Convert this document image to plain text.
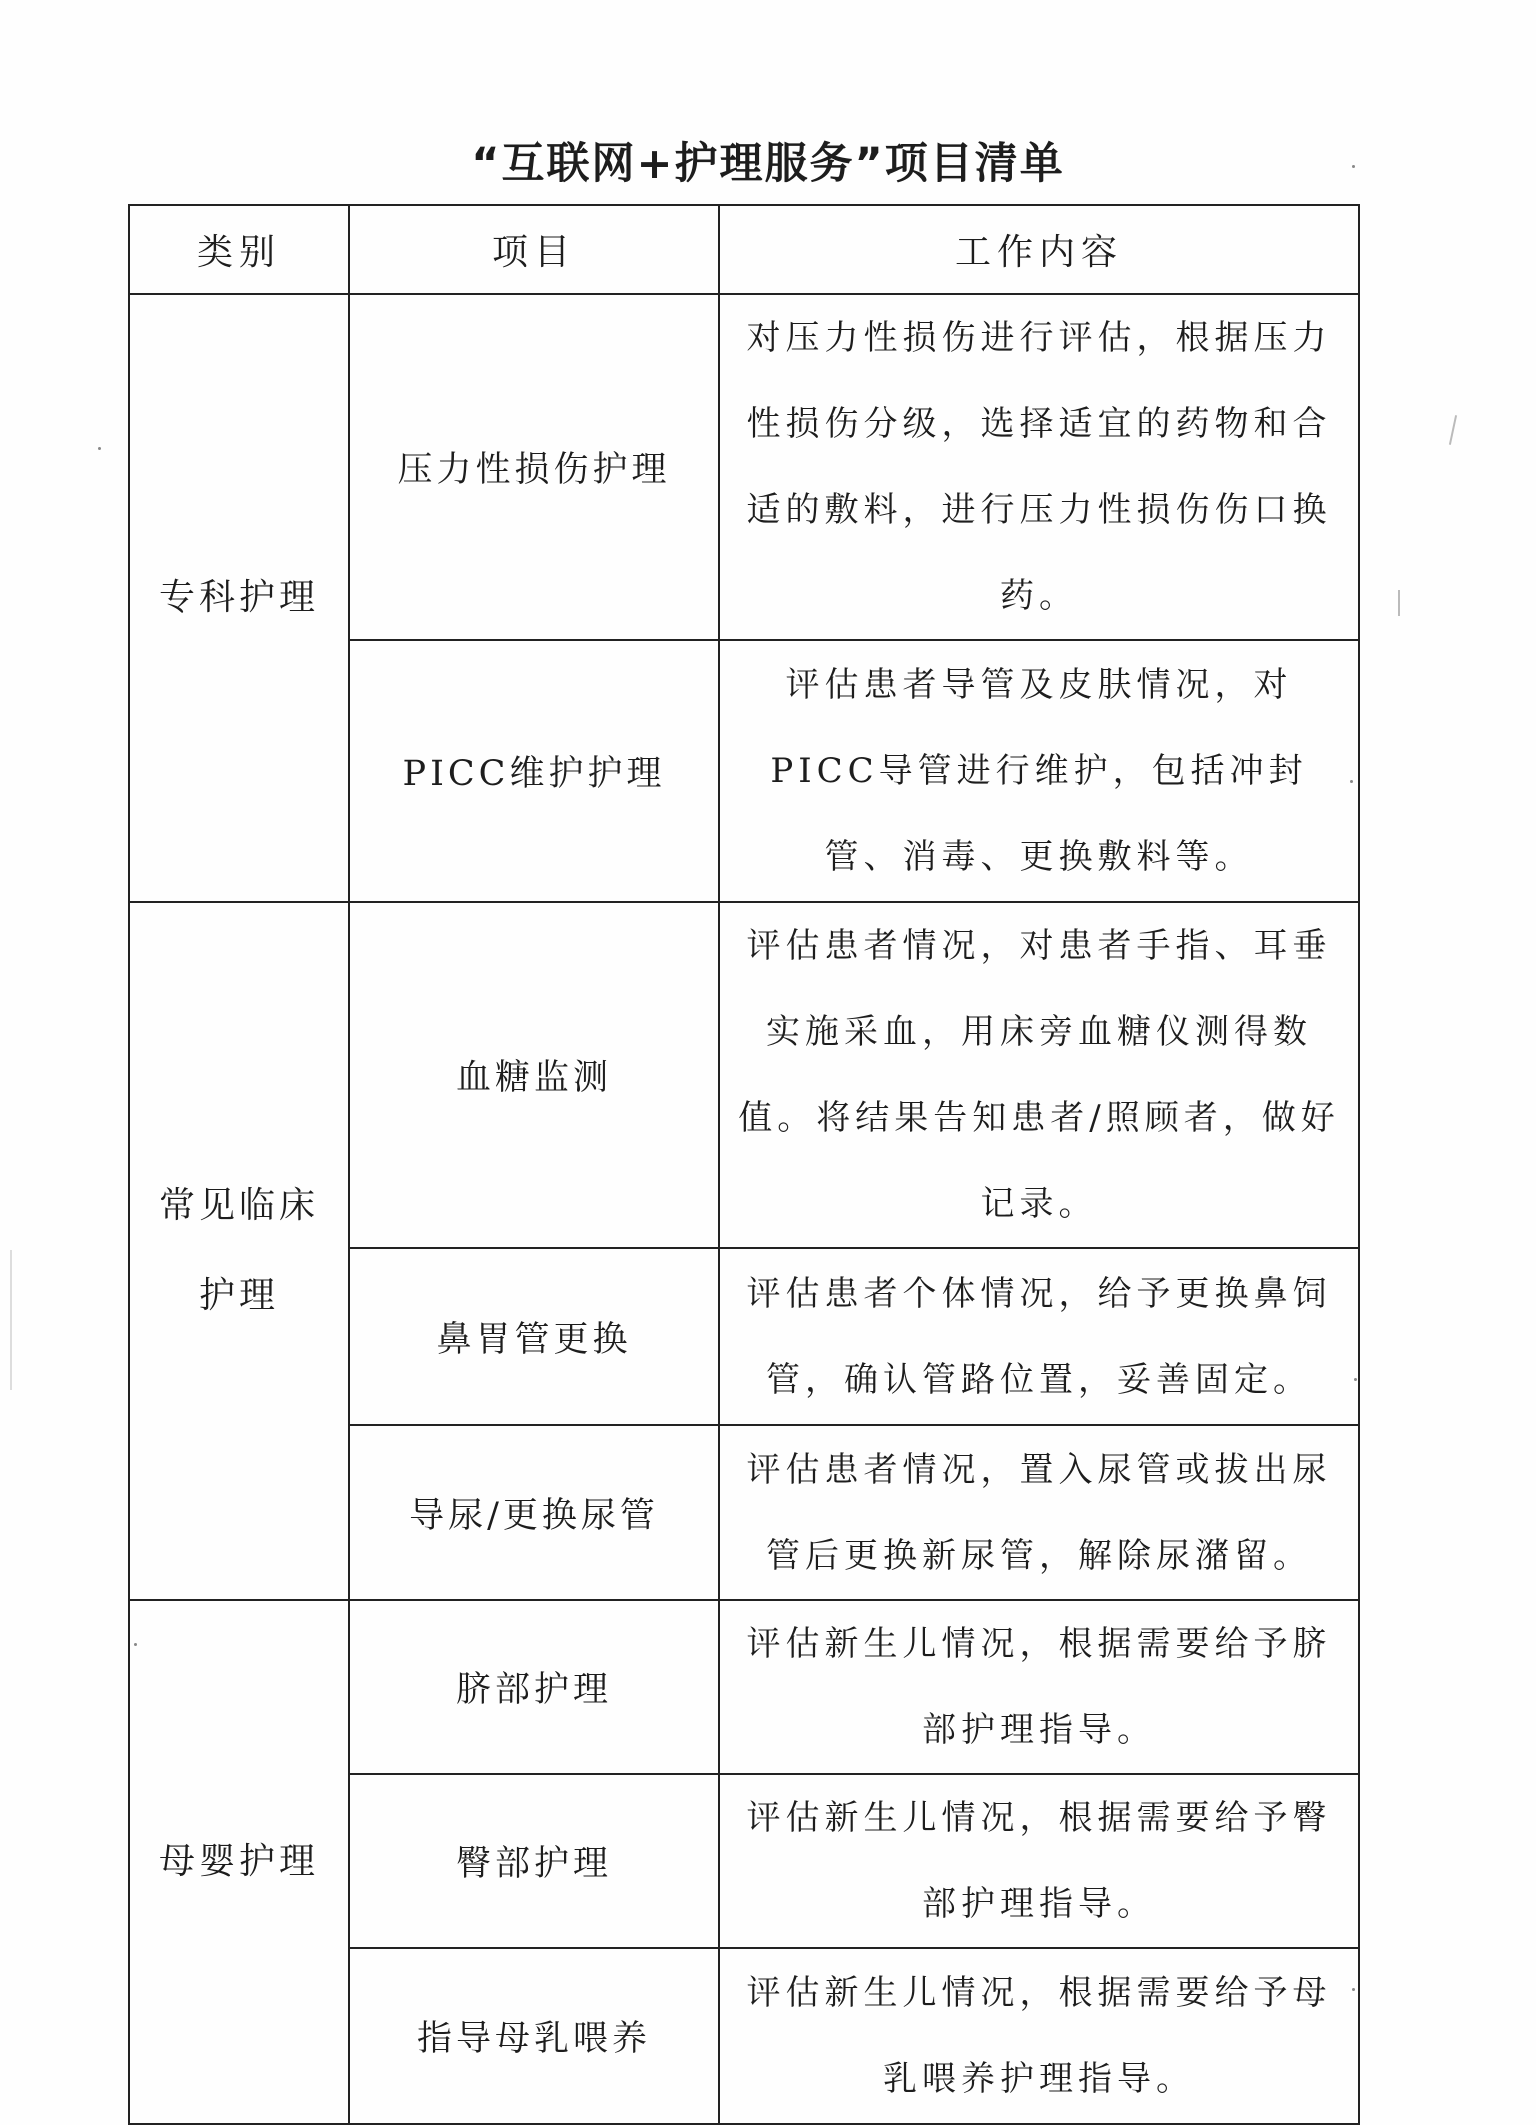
“互联网+护理服务”项目清单
类别	项目	工作内容
专科护理	压力性损伤护理	对压力性损伤进行评估，根据压力性损伤分级，选择适宜的药物和合适的敷料，进行压力性损伤伤口换药。
	PICC维护护理	评估患者导管及皮肤情况，对PICC导管进行维护，包括冲封管、消毒、更换敷料等。
常见临床护理	血糖监测	评估患者情况，对患者手指、耳垂实施采血，用床旁血糖仪测得数值。将结果告知患者/照顾者，做好记录。
	鼻胃管更换	评估患者个体情况，给予更换鼻饲管，确认管路位置，妥善固定。
	导尿/更换尿管	评估患者情况，置入尿管或拔出尿管后更换新尿管，解除尿潴留。
母婴护理	脐部护理	评估新生儿情况，根据需要给予脐部护理指导。
	臀部护理	评估新生儿情况，根据需要给予臀部护理指导。
	指导母乳喂养	评估新生儿情况，根据需要给予母乳喂养护理指导。
